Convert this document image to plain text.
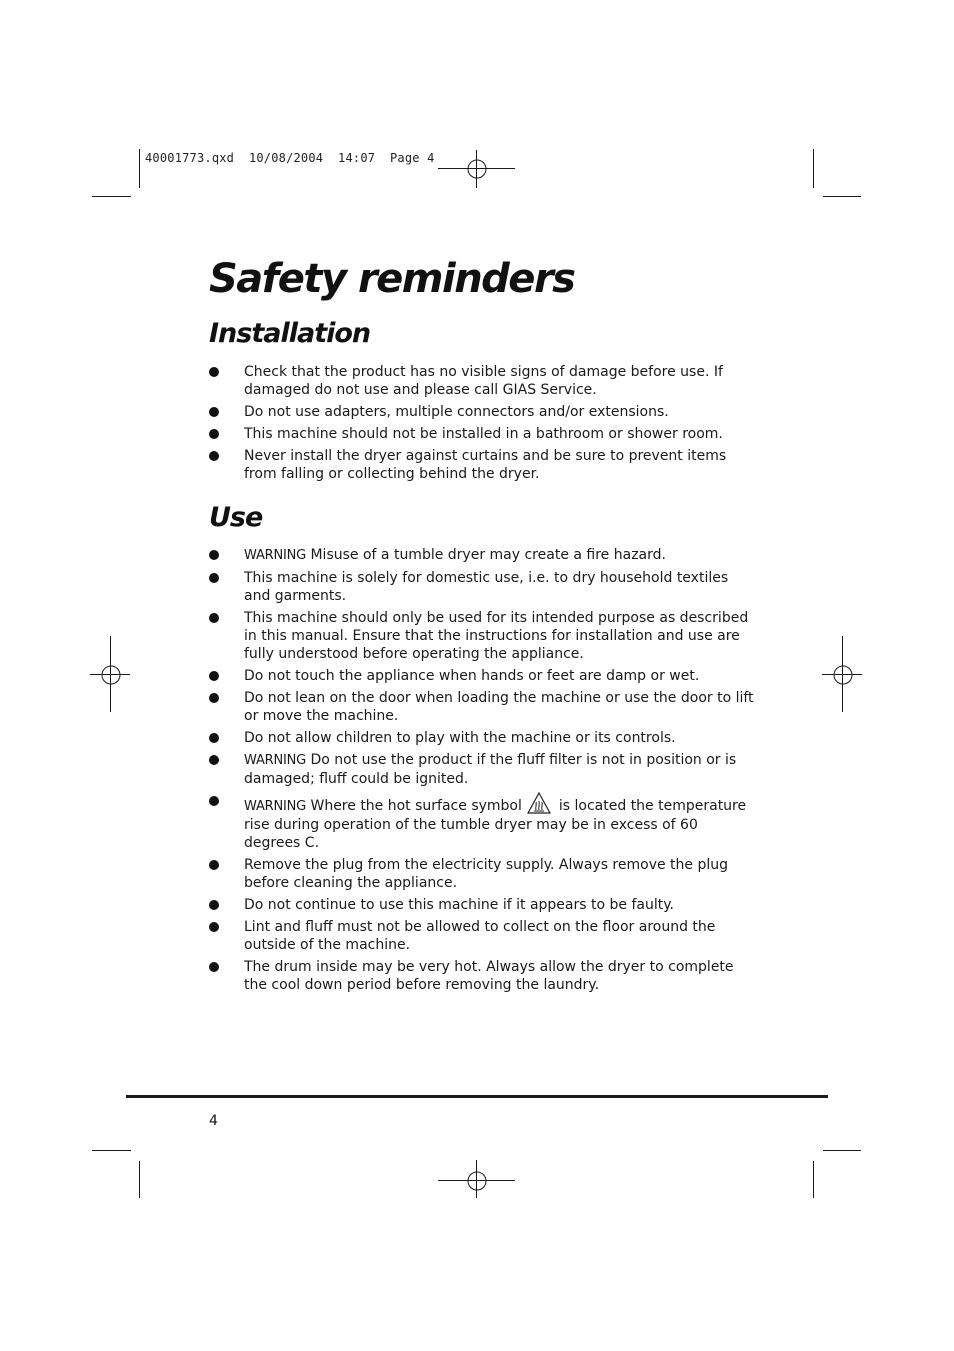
40001773.qxd  10/08/2004  14:07  Page 4
Safety reminders
Installation
Check that the product has no visible signs of damage before use. If damaged do not use and please call GIAS Service.
Do not use adapters, multiple connectors and/or extensions.
This machine should not be installed in a bathroom or shower room.
Never install the dryer against curtains and be sure to prevent items from falling or collecting behind the dryer.
Use
WARNING Misuse of a tumble dryer may create a fire hazard.
This machine is solely for domestic use, i.e. to dry household textiles and garments.
This machine should only be used for its intended purpose as described in this manual. Ensure that the instructions for installation and use are fully understood before operating the appliance.
Do not touch the appliance when hands or feet are damp or wet.
Do not lean on the door when loading the machine or use the door to lift or move the machine.
Do not allow children to play with the machine or its controls.
WARNING Do not use the product if the fluff filter is not in position or is damaged; fluff could be ignited.
WARNING Where the hot surface symbol	is located the temperature rise during operation of the tumble dryer may be in excess of 60 degrees C.
Remove the plug from the electricity supply. Always remove the plug before cleaning the appliance.
Do not continue to use this machine if it appears to be faulty.
Lint and fluff must not be allowed to collect on the floor around the outside of the machine.
The drum inside may be very hot. Always allow the dryer to complete the cool down period before removing the laundry.
4
